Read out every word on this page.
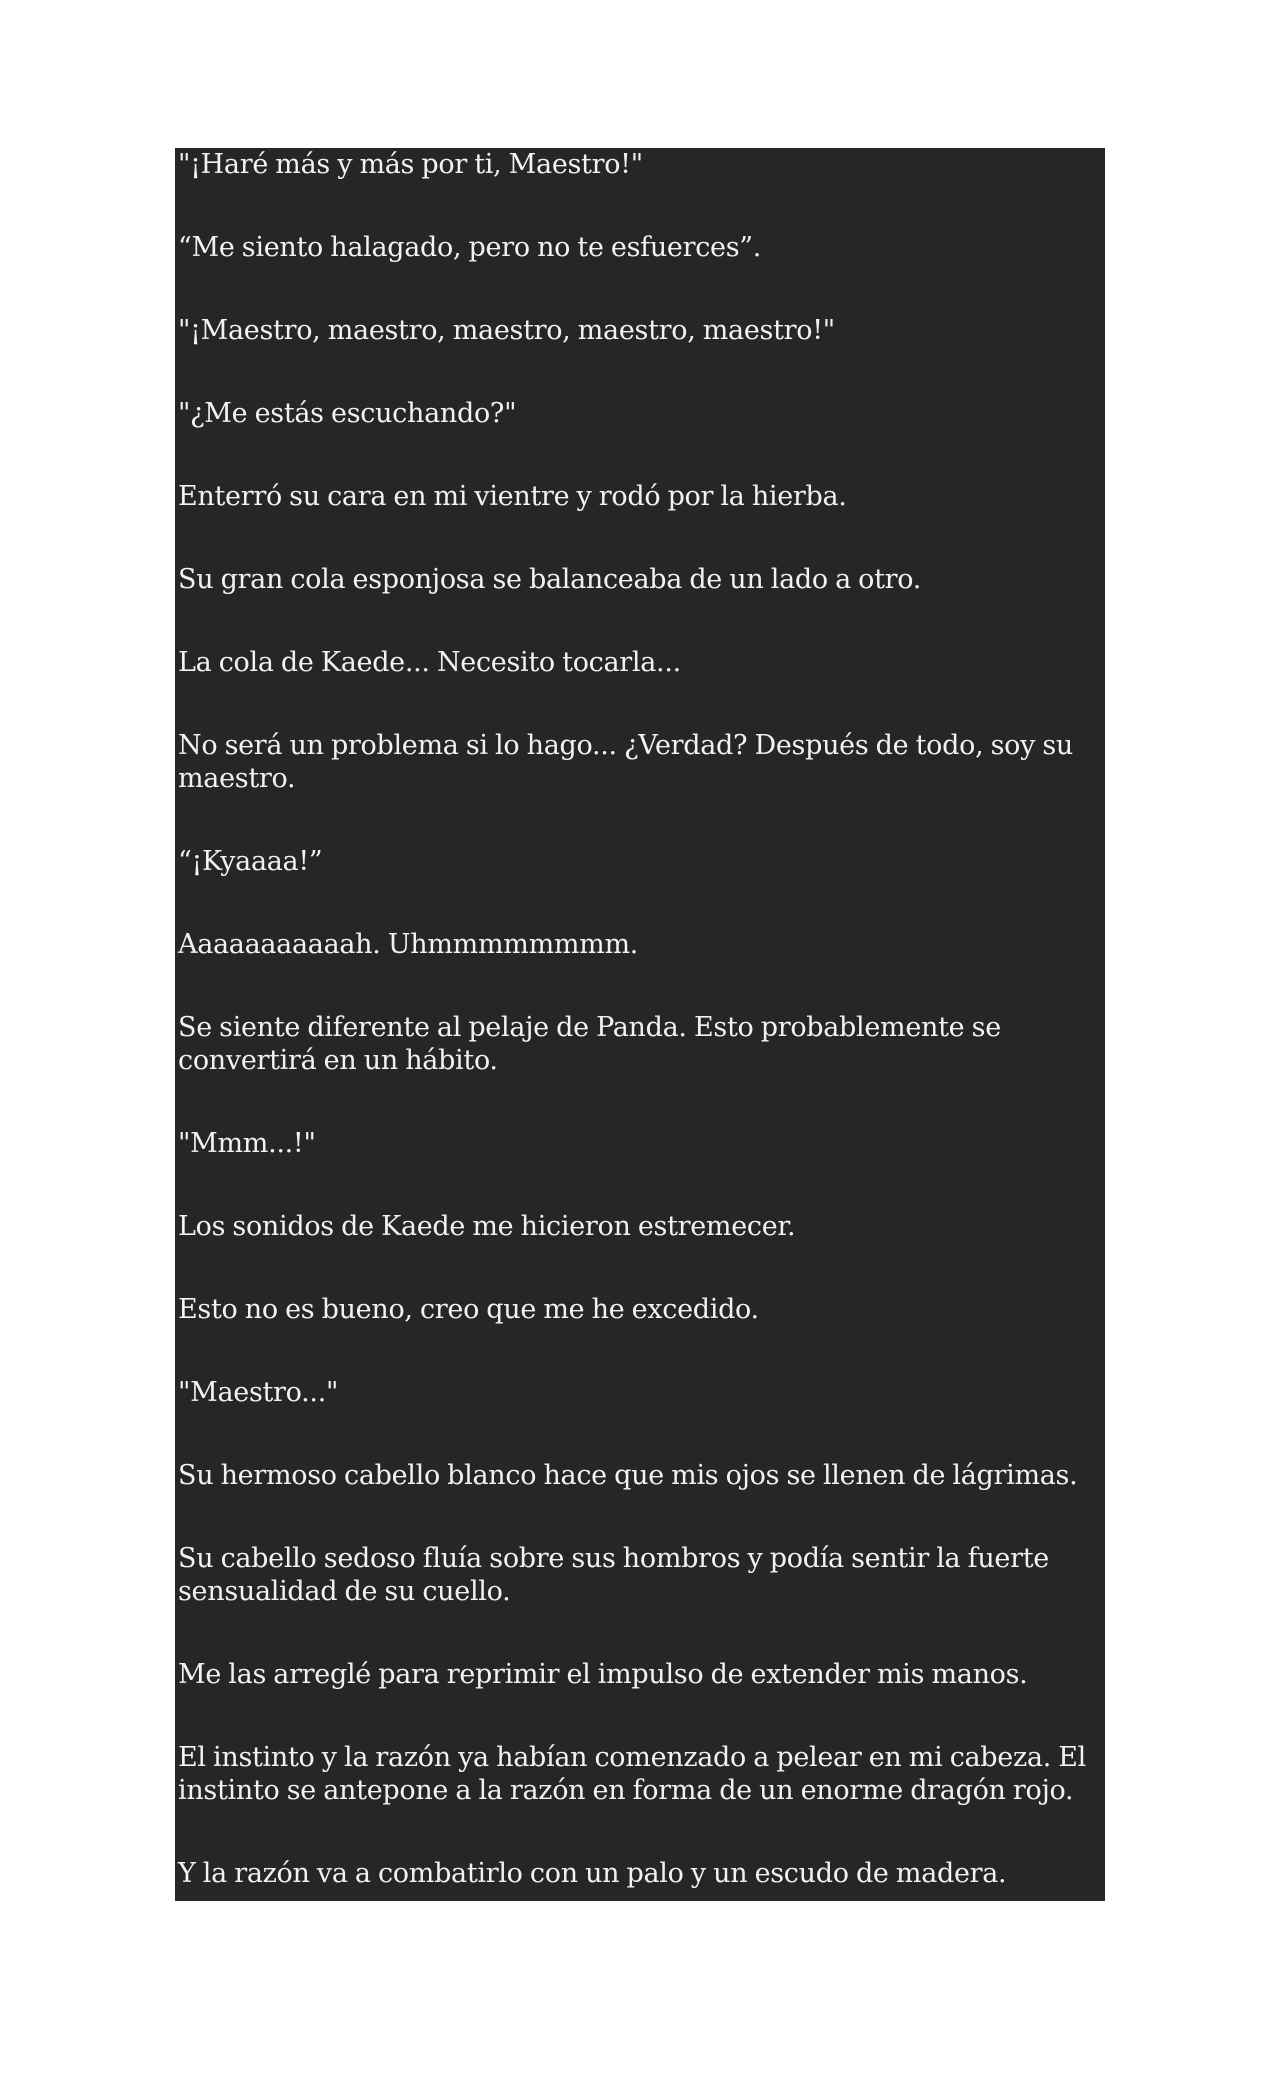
"¡Haré más y más por ti, Maestro!"

“Me siento halagado, pero no te esfuerces”.

"¡Maestro, maestro, maestro, maestro, maestro!"

"¿Me estás escuchando?"

Enterró su cara en mi vientre y rodó por la hierba.

Su gran cola esponjosa se balanceaba de un lado a otro.

La cola de Kaede... Necesito tocarla...

No será un problema si lo hago... ¿Verdad? Después de todo, soy su maestro.

“¡Kyaaaa!”

Aaaaaaaaaaah. Uhmmmmmmmm.

Se siente diferente al pelaje de Panda. Esto probablemente se convertirá en un hábito.

"Mmm...!"

Los sonidos de Kaede me hicieron estremecer.

Esto no es bueno, creo que me he excedido.

"Maestro..."

Su hermoso cabello blanco hace que mis ojos se llenen de lágrimas.

Su cabello sedoso fluía sobre sus hombros y podía sentir la fuerte sensualidad de su cuello.

Me las arreglé para reprimir el impulso de extender mis manos.

El instinto y la razón ya habían comenzado a pelear en mi cabeza. El instinto se antepone a la razón en forma de un enorme dragón rojo.

Y la razón va a combatirlo con un palo y un escudo de madera.
